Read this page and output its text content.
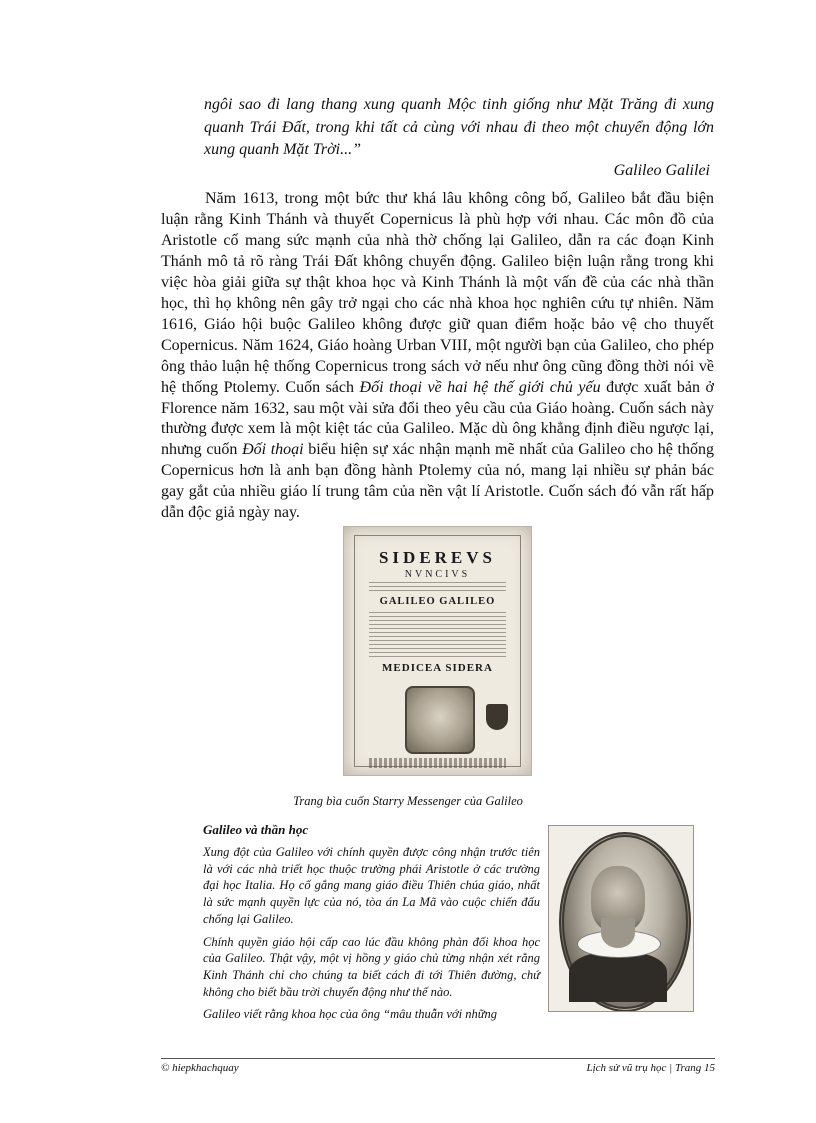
ngôi sao đi lang thang xung quanh Mộc tinh giống như Mặt Trăng đi xung quanh Trái Đất, trong khi tất cả cùng với nhau đi theo một chuyển động lớn xung quanh Mặt Trời...”
Galileo Galilei
Năm 1613, trong một bức thư khá lâu không công bố, Galileo bắt đầu biện luận rằng Kinh Thánh và thuyết Copernicus là phù hợp với nhau. Các môn đồ của Aristotle cố mang sức mạnh của nhà thờ chống lại Galileo, dẫn ra các đoạn Kinh Thánh mô tả rõ ràng Trái Đất không chuyển động. Galileo biện luận rằng trong khi việc hòa giải giữa sự thật khoa học và Kinh Thánh là một vấn đề của các nhà thần học, thì họ không nên gây trở ngại cho các nhà khoa học nghiên cứu tự nhiên. Năm 1616, Giáo hội buộc Galileo không được giữ quan điểm hoặc bảo vệ cho thuyết Copernicus. Năm 1624, Giáo hoàng Urban VIII, một người bạn của Galileo, cho phép ông thảo luận hệ thống Copernicus trong sách vở nếu như ông cũng đồng thời nói về hệ thống Ptolemy. Cuốn sách Đối thoại về hai hệ thế giới chủ yếu được xuất bản ở Florence năm 1632, sau một vài sửa đổi theo yêu cầu của Giáo hoàng. Cuốn sách này thường được xem là một kiệt tác của Galileo. Mặc dù ông khẳng định điều ngược lại, nhưng cuốn Đối thoại biểu hiện sự xác nhận mạnh mẽ nhất của Galileo cho hệ thống Copernicus hơn là anh bạn đồng hành Ptolemy của nó, mang lại nhiều sự phản bác gay gắt của nhiều giáo lí trung tâm của nền vật lí Aristotle. Cuốn sách đó vẫn rất hấp dẫn độc giả ngày nay.
SIDEREVS
NVNCIVS
GALILEO GALILEO
MEDICEA SIDERA
Trang bìa cuốn Starry Messenger của Galileo
Galileo và thần học

Xung đột của Galileo với chính quyền được công nhận trước tiên là với các nhà triết học thuộc trường phái Aristotle ở các trường đại học Italia. Họ cố gắng mang giáo điều Thiên chúa giáo, nhất là sức mạnh quyền lực của nó, tòa án La Mã vào cuộc chiến đấu chống lại Galileo.

Chính quyền giáo hội cấp cao lúc đầu không phản đối khoa học của Galileo. Thật vậy, một vị hồng y giáo chủ từng nhận xét rằng Kinh Thánh chỉ cho chúng ta biết cách đi tới Thiên đường, chứ không cho biết bầu trời chuyển động như thế nào.

Galileo viết rằng khoa học của ông “mâu thuẫn với những

© hiepkhachquay	Lịch sử vũ trụ học | Trang 15
